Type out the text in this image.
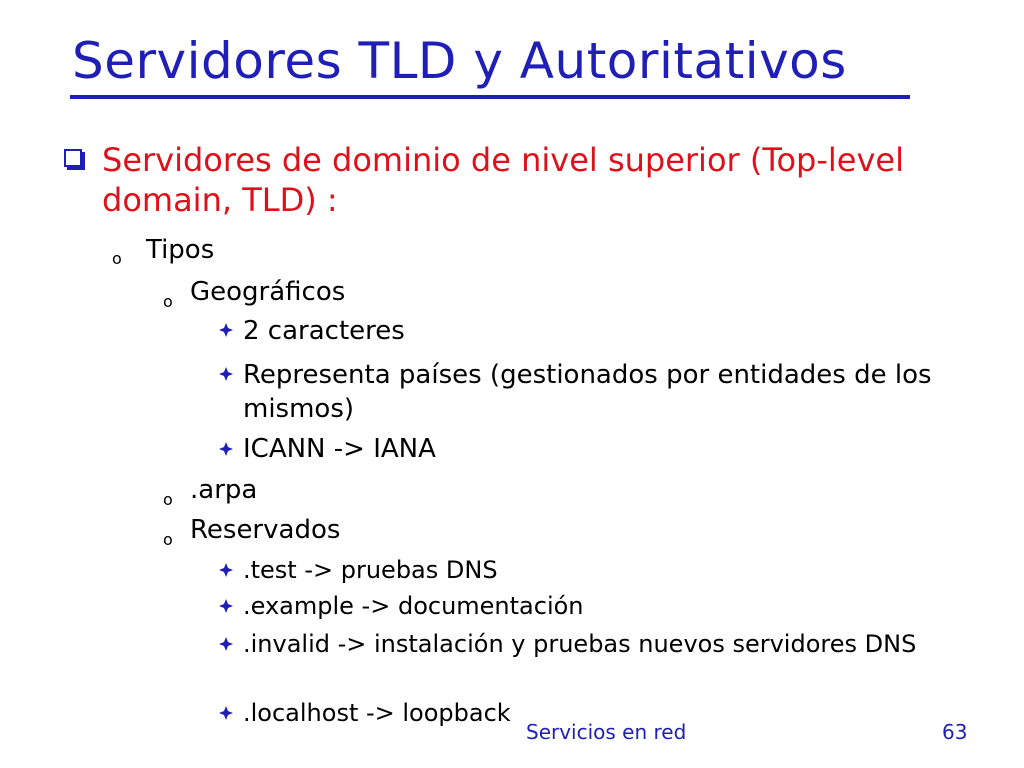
Servidores TLD y Autoritativos
Servidores de dominio de nivel superior (Top-level domain, TLD) :
o Tipos
o Geográficos
2 caracteres
Representa países (gestionados por entidades de los mismos)
ICANN -> IANA
o .arpa
o Reservados
.test -> pruebas DNS
.example -> documentación
.invalid -> instalación y pruebas nuevos servidores DNS
.localhost -> loopback
Servicios en red	63
